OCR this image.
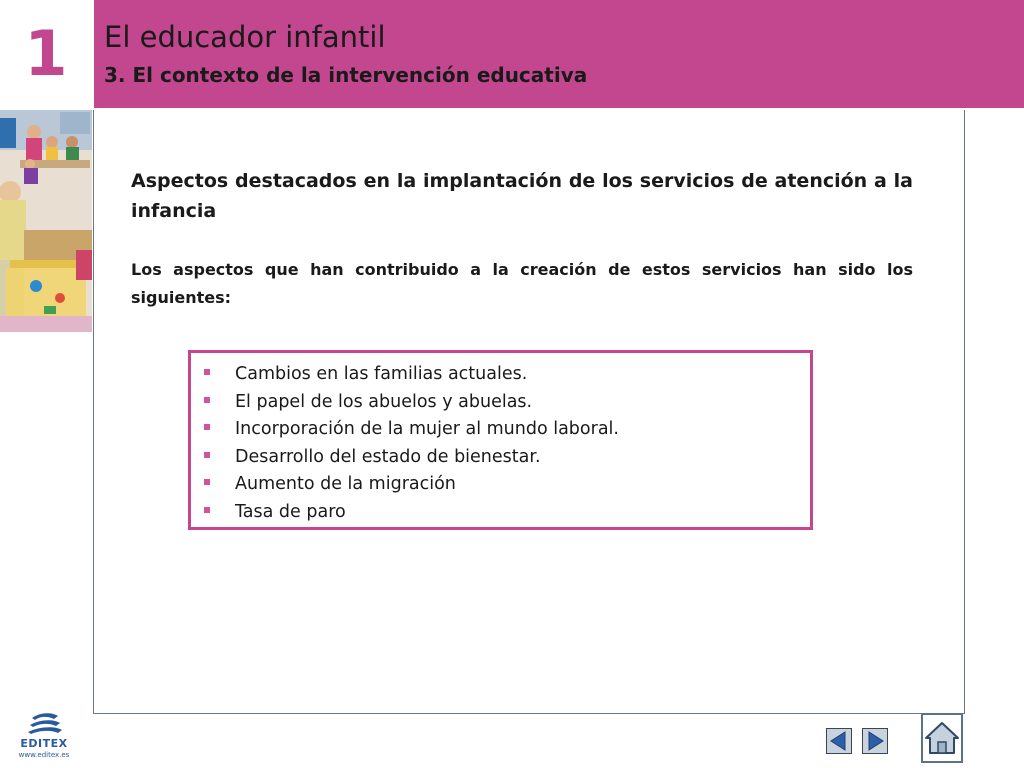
1 El educador infantil
3. El contexto de la intervención educativa
Aspectos destacados en la implantación de los servicios de atención a la infancia
Los aspectos que han contribuido a la creación de estos servicios han sido los siguientes:
Cambios en las familias actuales.
El papel de los abuelos y abuelas.
Incorporación de la mujer al mundo laboral.
Desarrollo del estado de bienestar.
Aumento de la migración
Tasa de paro
EDITEX
www.editex.es
